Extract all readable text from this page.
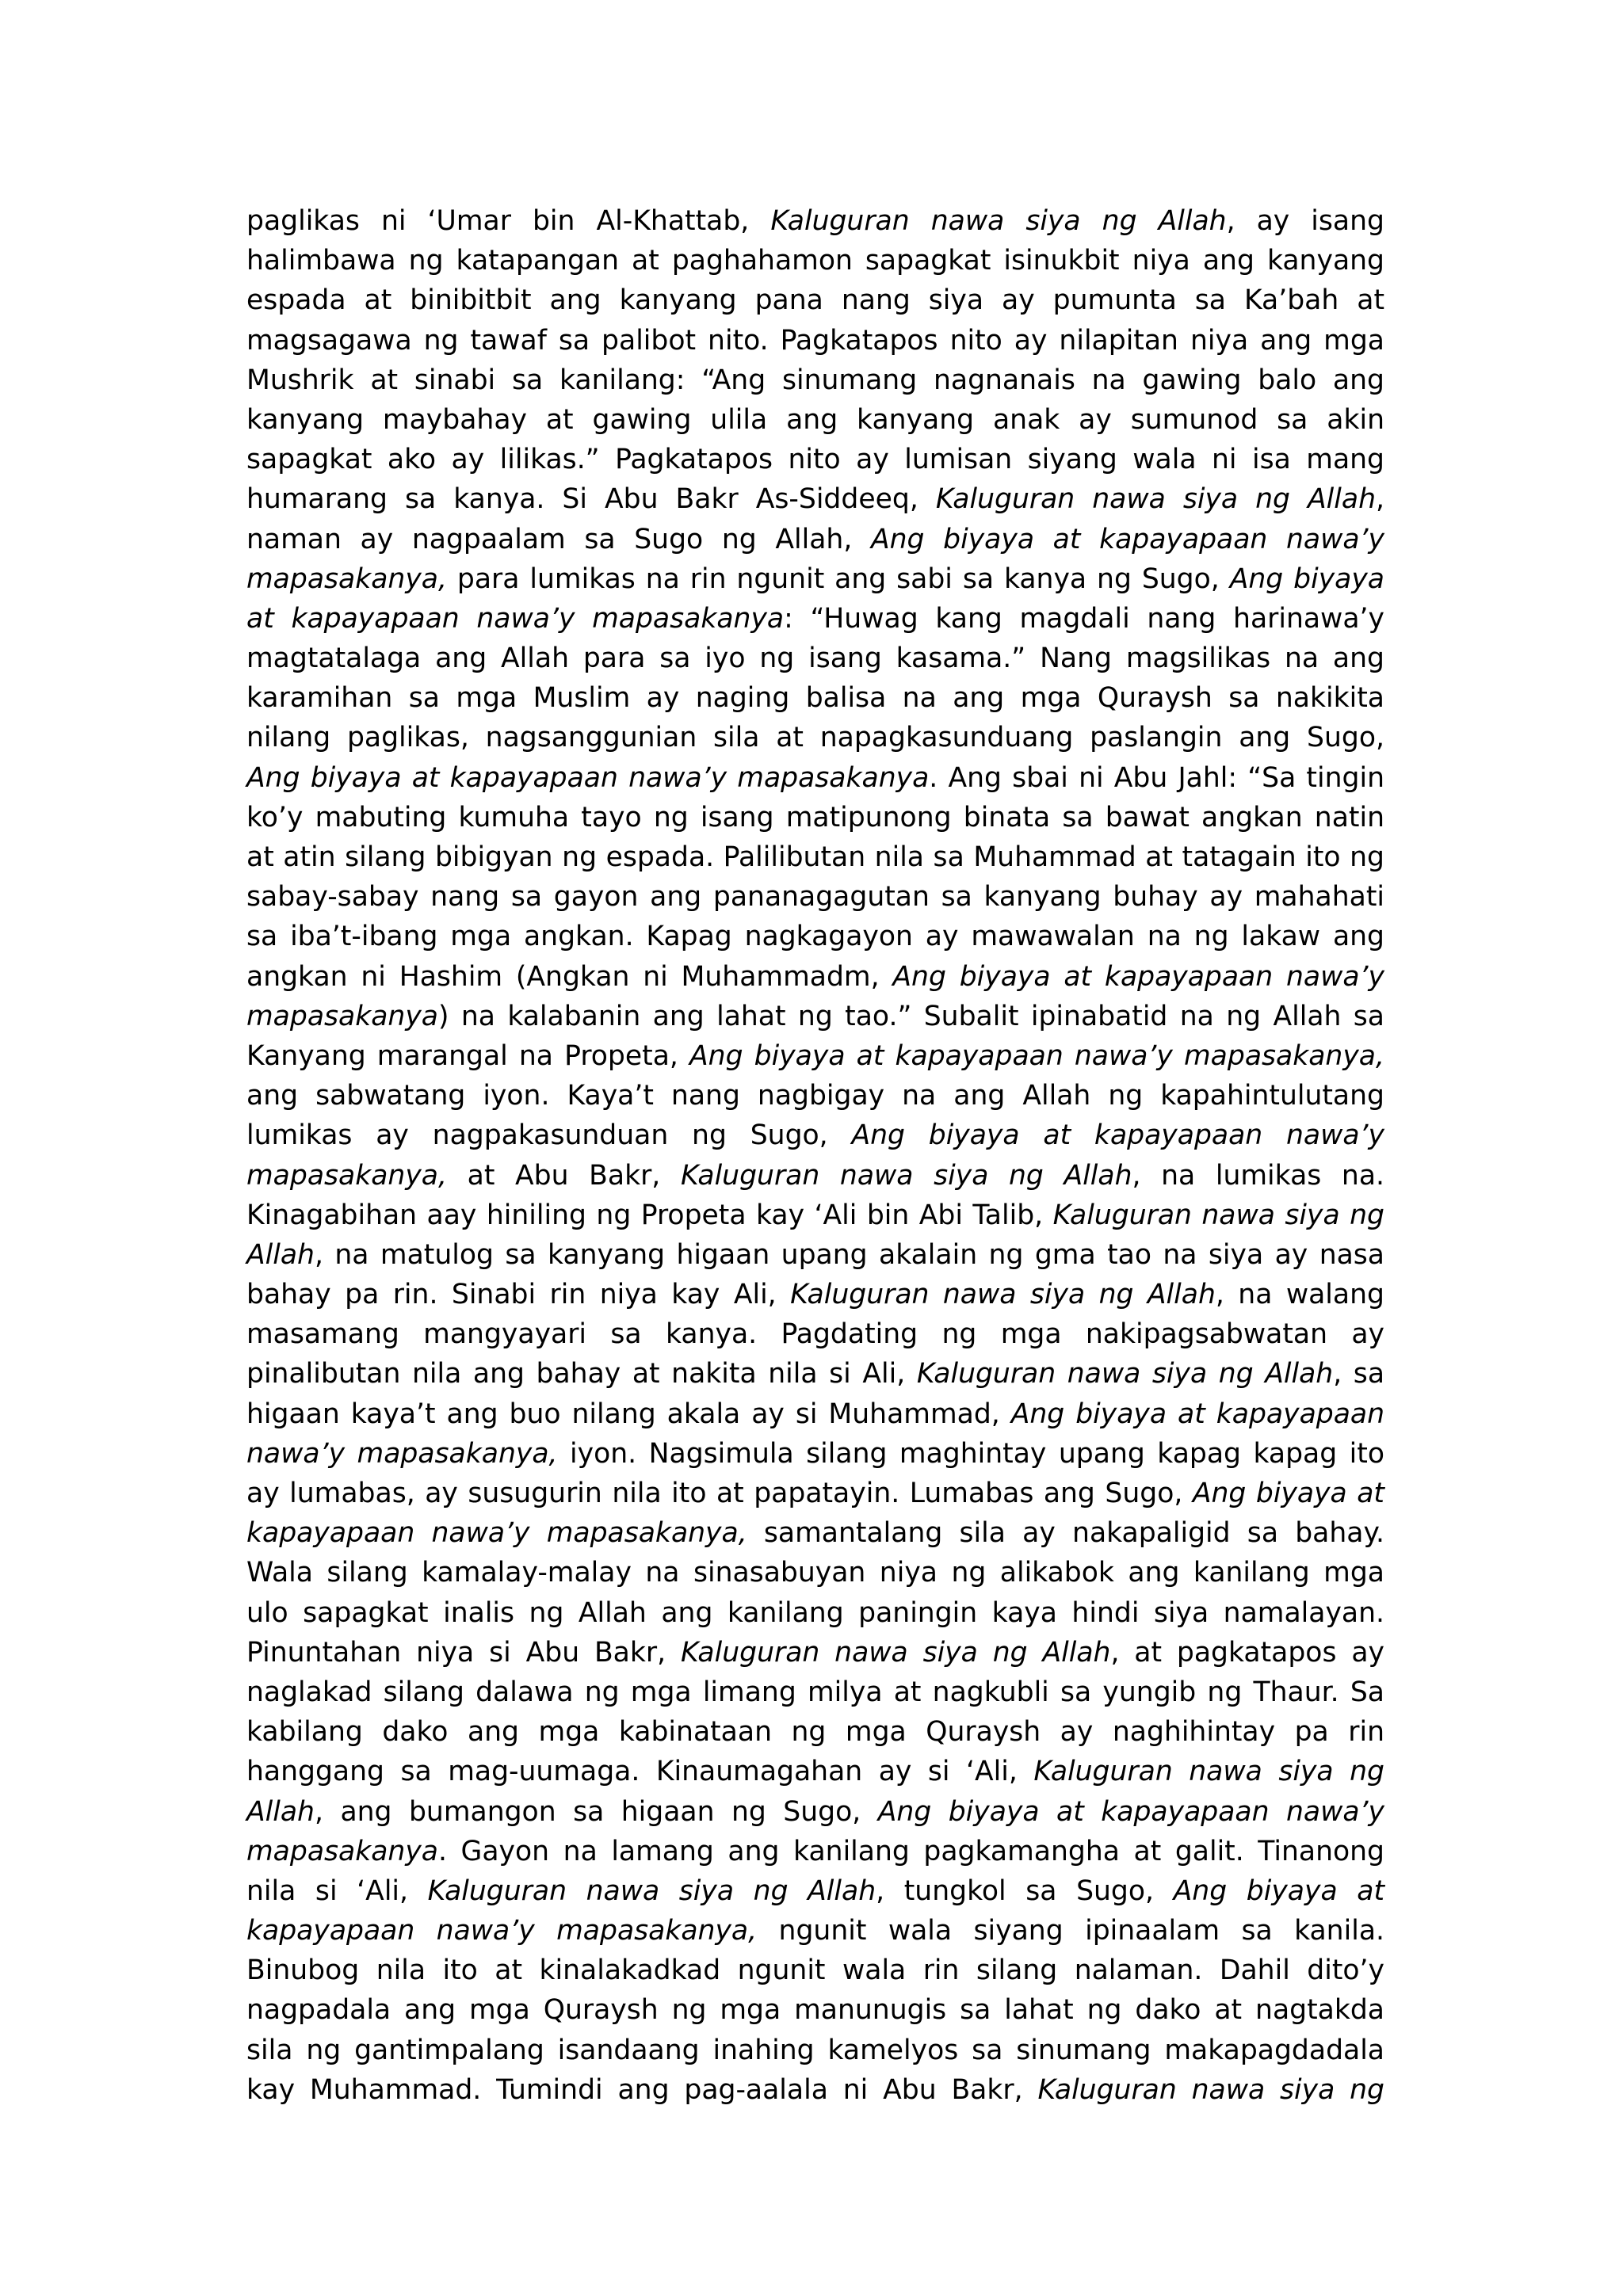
paglikas ni ‘Umar bin Al-Khattab, Kaluguran nawa siya ng Allah, ay isang
halimbawa ng katapangan at paghahamon sapagkat isinukbit niya ang kanyang
espada at binibitbit ang kanyang pana nang siya ay pumunta sa Ka’bah at
magsagawa ng tawaf sa palibot nito. Pagkatapos nito ay nilapitan niya ang mga
Mushrik at sinabi sa kanilang: “Ang sinumang nagnanais na gawing balo ang
kanyang maybahay at gawing ulila ang kanyang anak ay sumunod sa akin
sapagkat ako ay lilikas.” Pagkatapos nito ay lumisan siyang wala ni isa mang
humarang sa kanya. Si Abu Bakr As-Siddeeq, Kaluguran nawa siya ng Allah,
naman ay nagpaalam sa Sugo ng Allah, Ang biyaya at kapayapaan nawa’y
mapasakanya, para lumikas na rin ngunit ang sabi sa kanya ng Sugo, Ang biyaya
at kapayapaan nawa’y mapasakanya: “Huwag kang magdali nang harinawa’y
magtatalaga ang Allah para sa iyo ng isang kasama.” Nang magsilikas na ang
karamihan sa mga Muslim ay naging balisa na ang mga Quraysh sa nakikita
nilang paglikas, nagsanggunian sila at napagkasunduang paslangin ang Sugo,
Ang biyaya at kapayapaan nawa’y mapasakanya. Ang sbai ni Abu Jahl: “Sa tingin
ko’y mabuting kumuha tayo ng isang matipunong binata sa bawat angkan natin
at atin silang bibigyan ng espada. Palilibutan nila sa Muhammad at tatagain ito ng
sabay-sabay nang sa gayon ang pananagagutan sa kanyang buhay ay mahahati
sa iba’t-ibang mga angkan. Kapag nagkagayon ay mawawalan na ng lakaw ang
angkan ni Hashim (Angkan ni Muhammadm, Ang biyaya at kapayapaan nawa’y
mapasakanya) na kalabanin ang lahat ng tao.” Subalit ipinabatid na ng Allah sa
Kanyang marangal na Propeta, Ang biyaya at kapayapaan nawa’y mapasakanya,
ang sabwatang iyon. Kaya’t nang nagbigay na ang Allah ng kapahintulutang
lumikas ay nagpakasunduan ng Sugo, Ang biyaya at kapayapaan nawa’y
mapasakanya, at Abu Bakr, Kaluguran nawa siya ng Allah, na lumikas na.
Kinagabihan aay hiniling ng Propeta kay ‘Ali bin Abi Talib, Kaluguran nawa siya ng
Allah, na matulog sa kanyang higaan upang akalain ng gma tao na siya ay nasa
bahay pa rin. Sinabi rin niya kay Ali, Kaluguran nawa siya ng Allah, na walang
masamang mangyayari sa kanya. Pagdating ng mga nakipagsabwatan ay
pinalibutan nila ang bahay at nakita nila si Ali, Kaluguran nawa siya ng Allah, sa
higaan kaya’t ang buo nilang akala ay si Muhammad, Ang biyaya at kapayapaan
nawa’y mapasakanya, iyon. Nagsimula silang maghintay upang kapag kapag ito
ay lumabas, ay susugurin nila ito at papatayin. Lumabas ang Sugo, Ang biyaya at
kapayapaan nawa’y mapasakanya, samantalang sila ay nakapaligid sa bahay.
Wala silang kamalay-malay na sinasabuyan niya ng alikabok ang kanilang mga
ulo sapagkat inalis ng Allah ang kanilang paningin kaya hindi siya namalayan.
Pinuntahan niya si Abu Bakr, Kaluguran nawa siya ng Allah, at pagkatapos ay
naglakad silang dalawa ng mga limang milya at nagkubli sa yungib ng Thaur. Sa
kabilang dako ang mga kabinataan ng mga Quraysh ay naghihintay pa rin
hanggang sa mag-uumaga. Kinaumagahan ay si ‘Ali, Kaluguran nawa siya ng
Allah, ang bumangon sa higaan ng Sugo, Ang biyaya at kapayapaan nawa’y
mapasakanya. Gayon na lamang ang kanilang pagkamangha at galit. Tinanong
nila si ‘Ali, Kaluguran nawa siya ng Allah, tungkol sa Sugo, Ang biyaya at
kapayapaan nawa’y mapasakanya, ngunit wala siyang ipinaalam sa kanila.
Binubog nila ito at kinalakadkad ngunit wala rin silang nalaman. Dahil dito’y
nagpadala ang mga Quraysh ng mga manunugis sa lahat ng dako at nagtakda
sila ng gantimpalang isandaang inahing kamelyos sa sinumang makapagdadala
kay Muhammad. Tumindi ang pag-aalala ni Abu Bakr, Kaluguran nawa siya ng
